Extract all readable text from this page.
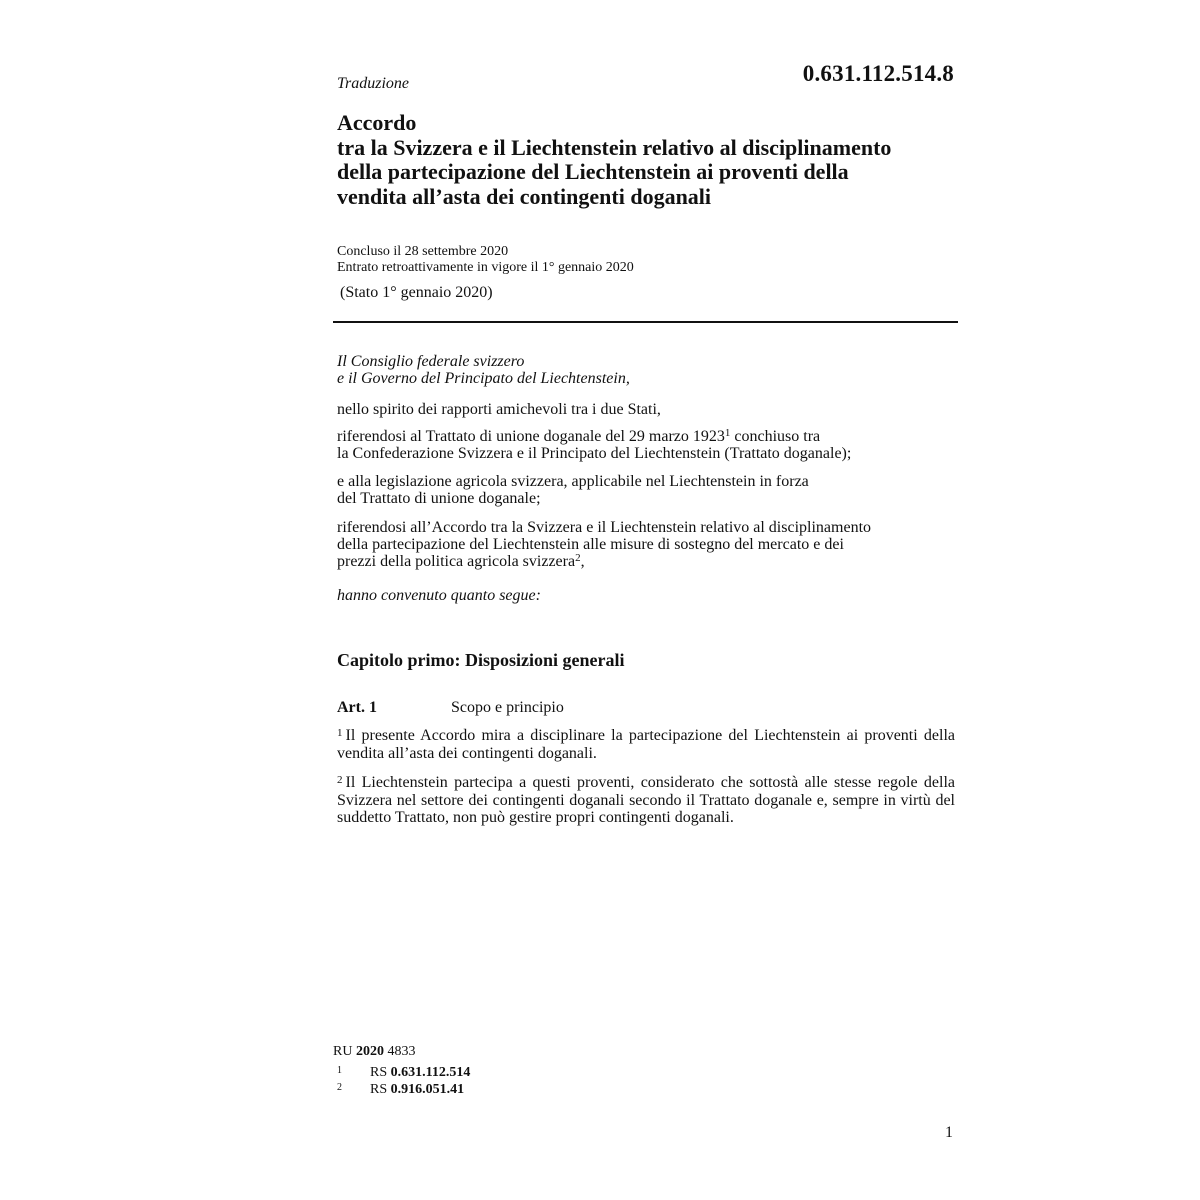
0.631.112.514.8
Traduzione
Accordo
tra la Svizzera e il Liechtenstein relativo al disciplinamento
della partecipazione del Liechtenstein ai proventi della
vendita all’asta dei contingenti doganali
Concluso il 28 settembre 2020
Entrato retroattivamente in vigore il 1° gennaio 2020
(Stato 1° gennaio 2020)
Il Consiglio federale svizzero
e il Governo del Principato del Liechtenstein,
nello spirito dei rapporti amichevoli tra i due Stati,
riferendosi al Trattato di unione doganale del 29 marzo 1923$^1$ conchiuso tra
la Confederazione Svizzera e il Principato del Liechtenstein (Trattato doganale);
e alla legislazione agricola svizzera, applicabile nel Liechtenstein in forza
del Trattato di unione doganale;
riferendosi all’Accordo tra la Svizzera e il Liechtenstein relativo al disciplinamento
della partecipazione del Liechtenstein alle misure di sostegno del mercato e dei
prezzi della politica agricola svizzera$^2$,
hanno convenuto quanto segue:
Capitolo primo: Disposizioni generali
Art. 1	Scopo e principio
$^1$ Il presente Accordo mira a disciplinare la partecipazione del Liechtenstein ai proventi della vendita all’asta dei contingenti doganali.
$^2$ Il Liechtenstein partecipa a questi proventi, considerato che sottostà alle stesse regole della Svizzera nel settore dei contingenti doganali secondo il Trattato doganale e, sempre in virtù del suddetto Trattato, non può gestire propri contingenti doganali.
RU 2020 4833
1 RS 0.631.112.514
2 RS 0.916.051.41
1
